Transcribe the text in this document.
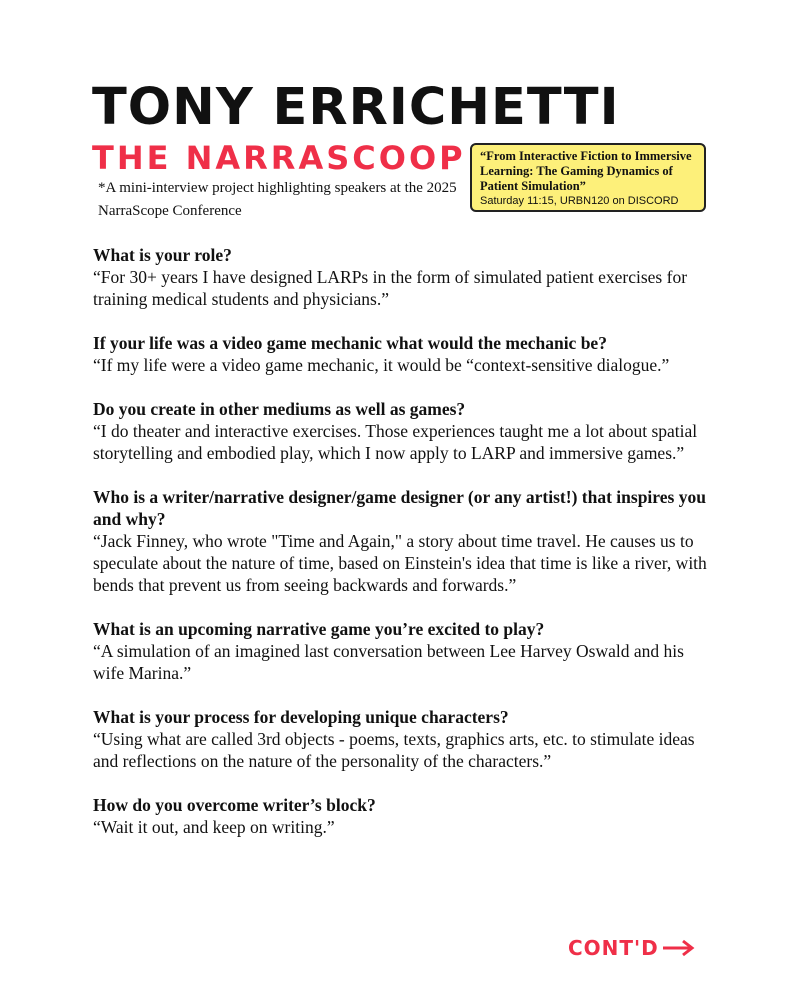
TONY ERRICHETTI
THE NARRASCOOP

*A mini-interview project highlighting speakers at the 2025 NarraScope Conference

“From Interactive Fiction to Immersive Learning: The Gaming Dynamics of Patient Simulation”

Saturday 11:15, URBN120 on DISCORD

What is your role?

“For 30+ years I have designed LARPs in the form of simulated patient exercises for training medical students and physicians.”

If your life was a video game mechanic what would the mechanic be?

“If my life were a video game mechanic, it would be “context-sensitive dialogue.”

Do you create in other mediums as well as games?

“I do theater and interactive exercises. Those experiences taught me a lot about spatial storytelling and embodied play, which I now apply to LARP and immersive games.”

Who is a writer/narrative designer/game designer (or any artist!) that inspires you and why?

“Jack Finney, who wrote "Time and Again," a story about time travel. He causes us to speculate about the nature of time, based on Einstein's idea that time is like a river, with bends that prevent us from seeing backwards and forwards.”

What is an upcoming narrative game you’re excited to play?

“A simulation of an imagined last conversation between Lee Harvey Oswald and his wife Marina.”

What is your process for developing unique characters?

“Using what are called 3rd objects - poems, texts, graphics arts, etc. to stimulate ideas and reflections on the nature of the personality of the characters.”

How do you overcome writer’s block?

“Wait it out, and keep on writing.”

CONT'D
